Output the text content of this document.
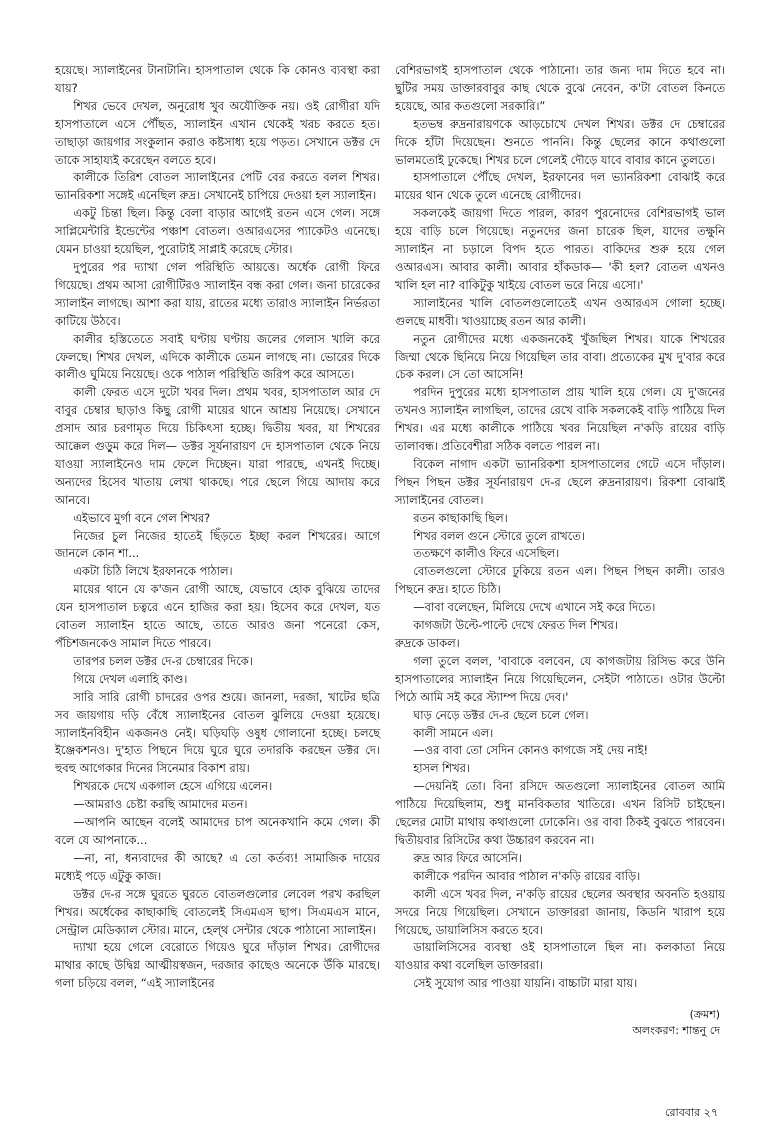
হয়েছে। স্যালাইনের টানাটানি। হাসপাতাল থেকে কি কোনও ব্যবস্থা করা যায়?

শিখর ভেবে দেখল, অনুরোধ খুব অযৌক্তিক নয়। ওই রোগীরা যদি হাসপাতালে এসে পৌঁছত, স্যালাইন এখান থেকেই খরচ করতে হত। তাছাড়া জায়গার সংকুলান করাও কষ্টসাধ্য হয়ে পড়ত। সেখানে ডক্টর দে তাকে সাহায্যই করেছেন বলতে হবে।

কালীকে তিরিশ বোতল স্যালাইনের পেটি বের করতে বলল শিখর। ভ্যানরিকশা সঙ্গেই এনেছিল রুদ্র। সেখানেই চাপিয়ে দেওয়া হল স্যালাইন।

একটু চিন্তা ছিল। কিন্তু বেলা বাড়ার আগেই রতন এসে গেল। সঙ্গে সাপ্লিমেন্টারি ইন্ডেন্টের পঞ্চাশ বোতল। ওআরএসের প্যাকেটও এনেছে। যেমন চাওয়া হয়েছিল, পুরোটাই সাপ্লাই করেছে স্টোর।

দুপুরের পর দ্যাখা গেল পরিস্থিতি আয়ত্তে। অর্ধেক রোগী ফিরে গিয়েছে। প্রথম আসা রোগীটিরও স্যালাইন বন্ধ করা গেল। জনা চারেকের স্যালাইন লাগছে। আশা করা যায়, রাতের মধ্যে তারাও স্যালাইন নির্ভরতা কাটিয়ে উঠবে।

কালীর হস্তিতেতে সবাই ঘণ্টায় ঘণ্টায় জলের গেলাস খালি করে ফেলছে। শিখর দেখল, এদিকে কালীকে তেমন লাগছে না। ভোরের দিকে কালীও ঘুমিয়ে নিয়েছে। ওকে পাঠাল পরিস্থিতি জরিপ করে আসতে।

কালী ফেরত এসে দুটো খবর দিল। প্রথম খবর, হাসপাতাল আর দে বাবুর চেম্বার ছাড়াও কিছু রোগী মায়ের থানে আশ্রয় নিয়েছে। সেখানে প্রসাদ আর চরণামৃত দিয়ে চিকিৎসা হচ্ছে। দ্বিতীয় খবর, যা শিখরের আক্কেল গুড়ুম করে দিল— ডক্টর সূর্যনারায়ণ দে হাসপাতাল থেকে নিয়ে যাওয়া স্যালাইনেও দাম ফেলে দিচ্ছেন। যারা পারছে, এখনই দিচ্ছে। অন্যদের হিসেব খাতায় লেখা থাকছে। পরে ছেলে গিয়ে আদায় করে আনবে।

এইভাবে মুর্গা বনে গেল শিখর?

নিজের চুল নিজের হাতেই ছিঁড়তে ইচ্ছা করল শিখরের। আগে জানলে কোন শা...

একটা চিঠি লিখে ইরফানকে পাঠাল।

মায়ের থানে যে ক'জন রোগী আছে, যেভাবে হোক বুঝিয়ে তাদের যেন হাসপাতাল চত্বরে এনে হাজির করা হয়। হিসেব করে দেখল, যত বোতল স্যালাইন হাতে আছে, তাতে আরও জনা পনেরো কেস, পঁচিশজনকেও সামাল দিতে পারবে।

তারপর চলল ডক্টর দে-র চেম্বারের দিকে।

গিয়ে দেখল এলাহি কাণ্ড।

সারি সারি রোগী চাদরের ওপর শুয়ে। জানলা, দরজা, খাটের ছত্রি সব জায়গায় দড়ি বেঁধে স্যালাইনের বোতল ঝুলিয়ে দেওয়া হয়েছে। স্যালাইনবিহীন একজনও নেই। ঘড়িঘড়ি ওষুধ গোলানো হচ্ছে। চলছে ইঞ্জেকশনও। দু'হাত পিছনে দিয়ে ঘুরে ঘুরে তদারকি করছেন ডক্টর দে। হুবহু আগেকার দিনের সিনেমার বিকাশ রায়।

শিখরকে দেখে একগাল হেসে এগিয়ে এলেন।

—আমরাও চেষ্টা করছি আমাদের মতন।

—আপনি আছেন বলেই আমাদের চাপ অনেকখানি কমে গেল। কী বলে যে আপনাকে...

—না, না, ধন্যবাদের কী আছে? এ তো কর্তব্য! সামাজিক দায়ের মধ্যেই পড়ে এটুকু কাজ।

ডক্টর দে-র সঙ্গে ঘুরতে ঘুরতে বোতলগুলোর লেবেল পরখ করছিল শিখর। অর্ধেকের কাছাকাছি বোতলেই সিএমএস ছাপ। সিএমএস মানে, সেন্ট্রাল মেডিক্যাল স্টোর। মানে, হেল্থ সেন্টার থেকে পাঠানো স্যালাইন।

দ্যাখা হয়ে গেলে বেরোতে গিয়েও ঘুরে দাঁড়াল শিখর। রোগীদের মাথার কাছে উদ্বিগ্ন আত্মীয়স্বজন, দরজার কাছেও অনেকে উঁকি মারছে। গলা চড়িয়ে বলল, “এই স্যালাইনের

বেশিরভাগই হাসপাতাল থেকে পাঠানো। তার জন্য দাম দিতে হবে না। ছুটির সময় ডাক্তারবাবুর কাছ থেকে বুঝে নেবেন, ক'টা বোতল কিনতে হয়েছে, আর কতগুলো সরকারি।”

হতভম্ব রুদ্রনারায়ণকে আড়চোখে দেখল শিখর। ডক্টর দে চেম্বারের দিকে হাঁটা দিয়েছেন। শুনতে পাননি। কিন্তু ছেলের কানে কথাগুলো ভালমতোই ঢুকেছে। শিখর চলে গেলেই দৌড়ে যাবে বাবার কানে তুলতে।

হাসপাতালে পৌঁছে দেখল, ইরফানের দল ভ্যানরিকশা বোঝাই করে মায়ের থান থেকে তুলে এনেছে রোগীদের।

সকলকেই জায়গা দিতে পারল, কারণ পুরনোদের বেশিরভাগই ভাল হয়ে বাড়ি চলে গিয়েছে। নতুনদের জনা চারেক ছিল, যাদের তক্ষুনি স্যালাইন না চড়ালে বিপদ হতে পারত। বাকিদের শুরু হয়ে গেল ওআরএস। আবার কালী। আবার হাঁকডাক— 'কী হল? বোতল এখনও খালি হল না? বাকিটুকু খাইয়ে বোতল ভরে নিয়ে এসো।'

স্যালাইনের খালি বোতলগুলোতেই এখন ওআরএস গোলা হচ্ছে। গুলছে মাধবী। খাওয়াচ্ছে রতন আর কালী।

নতুন রোগীদের মধ্যে একজনকেই খুঁজছিল শিখর। যাকে শিখরের জিম্মা থেকে ছিনিয়ে নিয়ে গিয়েছিল তার বাবা। প্রত্যেকের মুখ দু'বার করে চেক করল। সে তো আসেনি!

পরদিন দুপুরের মধ্যে হাসপাতাল প্রায় খালি হয়ে গেল। যে দু'জনের তখনও স্যালাইন লাগছিল, তাদের রেখে বাকি সকলকেই বাড়ি পাঠিয়ে দিল শিখর। এর মধ্যে কালীকে পাঠিয়ে খবর নিয়েছিল ন'কড়ি রায়ের বাড়ি তালাবন্ধ। প্রতিবেশীরা সঠিক বলতে পারল না।

বিকেল নাগাদ একটা ভ্যানরিকশা হাসপাতালের গেটে এসে দাঁড়াল। পিছন পিছন ডক্টর সূর্যনারায়ণ দে-র ছেলে রুদ্রনারায়ণ। রিকশা বোঝাই স্যালাইনের বোতল।

রতন কাছাকাছি ছিল।

শিখর বলল গুনে স্টোরে তুলে রাখতে।

ততক্ষণে কালীও ফিরে এসেছিল।

বোতলগুলো স্টোরে ঢুকিয়ে রতন এল। পিছন পিছন কালী। তারও পিছনে রুদ্র। হাতে চিঠি।

—বাবা বলেছেন, মিলিয়ে দেখে এখানে সই করে দিতে।

কাগজটা উল্টে-পাল্টে দেখে ফেরত দিল শিখর।

রুদ্রকে ডাকল।

গলা তুলে বলল, 'বাবাকে বলবেন, যে কাগজটায় রিসিভ করে উনি হাসপাতালের স্যালাইন নিয়ে গিয়েছিলেন, সেইটা পাঠাতে। ওটার উল্টো পিঠে আমি সই করে স্ট্যাম্প দিয়ে দেব।'

ঘাড় নেড়ে ডক্টর দে-র ছেলে চলে গেল।

কালী সামনে এল।

—ওর বাবা তো সেদিন কোনও কাগজে সই দেয় নাই!

হাসল শিখর।

—দেয়নিই তো। বিনা রসিদে অতগুলো স্যালাইনের বোতল আমি পাঠিয়ে দিয়েছিলাম, শুধু মানবিকতার খাতিরে। এখন রিসিট চাইছেন। ছেলের মোটা মাথায় কথাগুলো ঢোকেনি। ওর বাবা ঠিকই বুঝতে পারবেন। দ্বিতীয়বার রিসিটের কথা উচ্চারণ করবেন না।

রুদ্র আর ফিরে আসেনি।

কালীকে পরদিন আবার পাঠাল ন'কড়ি রায়ের বাড়ি।

কালী এসে খবর দিল, ন'কড়ি রায়ের ছেলের অবস্থার অবনতি হওয়ায় সদরে নিয়ে গিয়েছিল। সেখানে ডাক্তাররা জানায়, কিডনি খারাপ হয়ে গিয়েছে, ডায়ালিসিস করতে হবে।

ডায়ালিসিসের ব্যবস্থা ওই হাসপাতালে ছিল না। কলকাতা নিয়ে যাওয়ার কথা বলেছিল ডাক্তাররা।

সেই সুযোগ আর পাওয়া যায়নি। বাচ্চাটা মারা যায়।

(ক্রমশ)
অলংকরণ: শান্তনু দে
রোববার ২৭
